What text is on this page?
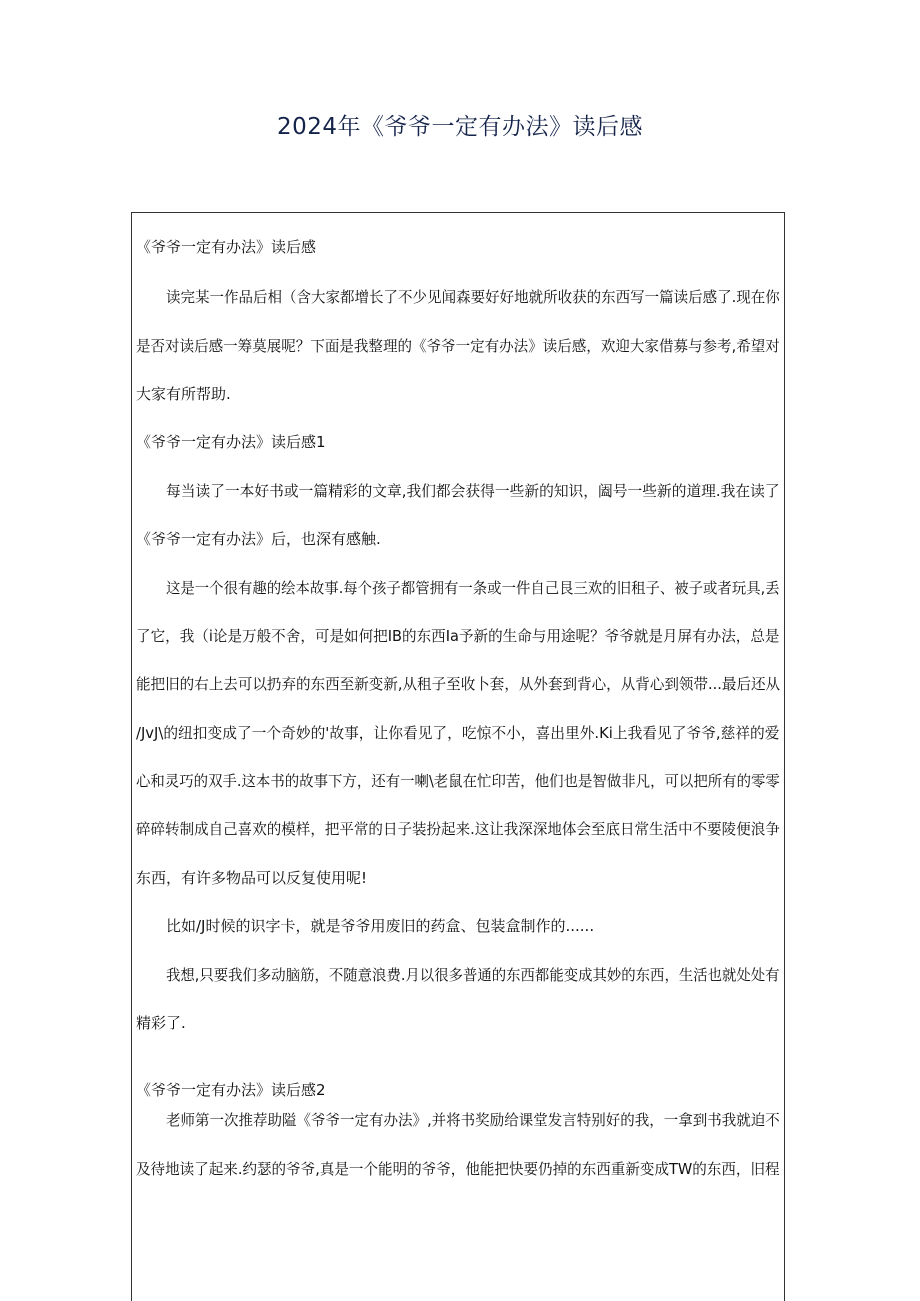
2024年《爷爷一定有办法》读后感
《爷爷一定有办法》读后感
读完某一作品后相（含大家都增长了不少见闻森要好好地就所收获的东西写一篇读后感了.现在你
是否对读后感一筹莫展呢？下面是我整理的《爷爷一定有办法》读后感，欢迎大家借募与参考,希望对
大家有所帮助.
《爷爷一定有办法》读后感1
每当读了一本好书或一篇精彩的文章,我们都会获得一些新的知识，阖号一些新的道理.我在读了
《爷爷一定有办法》后，也深有感触.
这是一个很有趣的绘本故事.每个孩子都管拥有一条或一件自己艮三欢的旧租子、被子或者玩具,丢
了它，我（i论是万般不舍，可是如何把IB的东西Ia予新的生命与用途呢？爷爷就是月屏有办法，总是
能把旧的右上去可以扔弃的东西至新变新,从租子至收卜套，从外套到背心，从背心到领带...最后还从
/JvJ\的纽扣变成了一个奇妙的'故事，让你看见了，吃惊不小，喜出里外.Ki上我看见了爷爷,慈祥的爱
心和灵巧的双手.这本书的故事下方，还有一喇\老鼠在忙印苦，他们也是智做非凡，可以把所有的零零
碎碎转制成自己喜欢的模样，把平常的日子装扮起来.这让我深深地体会至底日常生活中不要陵便浪争
东西，有许多物品可以反复使用呢!
比如/J时候的识字卡，就是爷爷用废旧的药盒、包装盒制作的......
我想,只要我们多动脑筋，不随意浪费.月以很多普通的东西都能变成其妙的东西，生活也就处处有
精彩了.
《爷爷一定有办法》读后感2
老师第一次推荐助隘《爷爷一定有办法》,并将书奖励给课堂发言特别好的我，一拿到书我就迫不
及待地读了起来.约瑟的爷爷,真是一个能明的爷爷，他能把快要仍掉的东西重新变成TW的东西，旧程
